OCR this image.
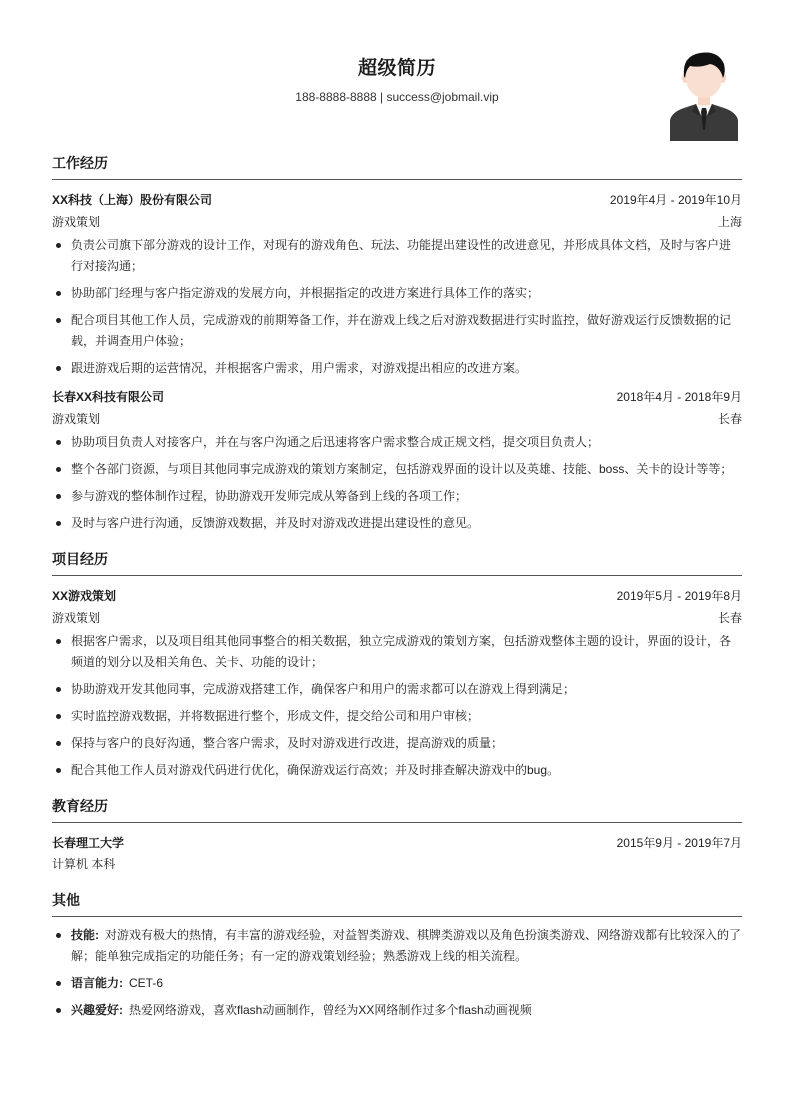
超级简历
188-8888-8888 | success@jobmail.vip
工作经历
XX科技（上海）股份有限公司	2019年4月 - 2019年10月
游戏策划	上海
负责公司旗下部分游戏的设计工作，对现有的游戏角色、玩法、功能提出建设性的改进意见，并形成具体文档，及时与客户进行对接沟通；
协助部门经理与客户指定游戏的发展方向，并根据指定的改进方案进行具体工作的落实；
配合项目其他工作人员，完成游戏的前期筹备工作，并在游戏上线之后对游戏数据进行实时监控，做好游戏运行反馈数据的记载，并调查用户体验；
跟进游戏后期的运营情况，并根据客户需求，用户需求，对游戏提出相应的改进方案。
长春XX科技有限公司	2018年4月 - 2018年9月
游戏策划	长春
协助项目负责人对接客户，并在与客户沟通之后迅速将客户需求整合成正规文档，提交项目负责人；
整个各部门资源，与项目其他同事完成游戏的策划方案制定，包括游戏界面的设计以及英雄、技能、boss、关卡的设计等等；
参与游戏的整体制作过程，协助游戏开发师完成从筹备到上线的各项工作；
及时与客户进行沟通，反馈游戏数据，并及时对游戏改进提出建设性的意见。
项目经历
XX游戏策划	2019年5月 - 2019年8月
游戏策划	长春
根据客户需求，以及项目组其他同事整合的相关数据，独立完成游戏的策划方案，包括游戏整体主题的设计，界面的设计，各频道的划分以及相关角色、关卡、功能的设计；
协助游戏开发其他同事，完成游戏搭建工作，确保客户和用户的需求都可以在游戏上得到满足；
实时监控游戏数据，并将数据进行整个，形成文件，提交给公司和用户审核；
保持与客户的良好沟通，整合客户需求，及时对游戏进行改进，提高游戏的质量；
配合其他工作人员对游戏代码进行优化，确保游戏运行高效；并及时排查解决游戏中的bug。
教育经历
长春理工大学	2015年9月 - 2019年7月
计算机 本科
其他
技能: 对游戏有极大的热情，有丰富的游戏经验，对益智类游戏、棋牌类游戏以及角色扮演类游戏、网络游戏都有比较深入的了解；能单独完成指定的功能任务；有一定的游戏策划经验；熟悉游戏上线的相关流程。
语言能力: CET-6
兴趣爱好: 热爱网络游戏，喜欢flash动画制作，曾经为XX网络制作过多个flash动画视频
